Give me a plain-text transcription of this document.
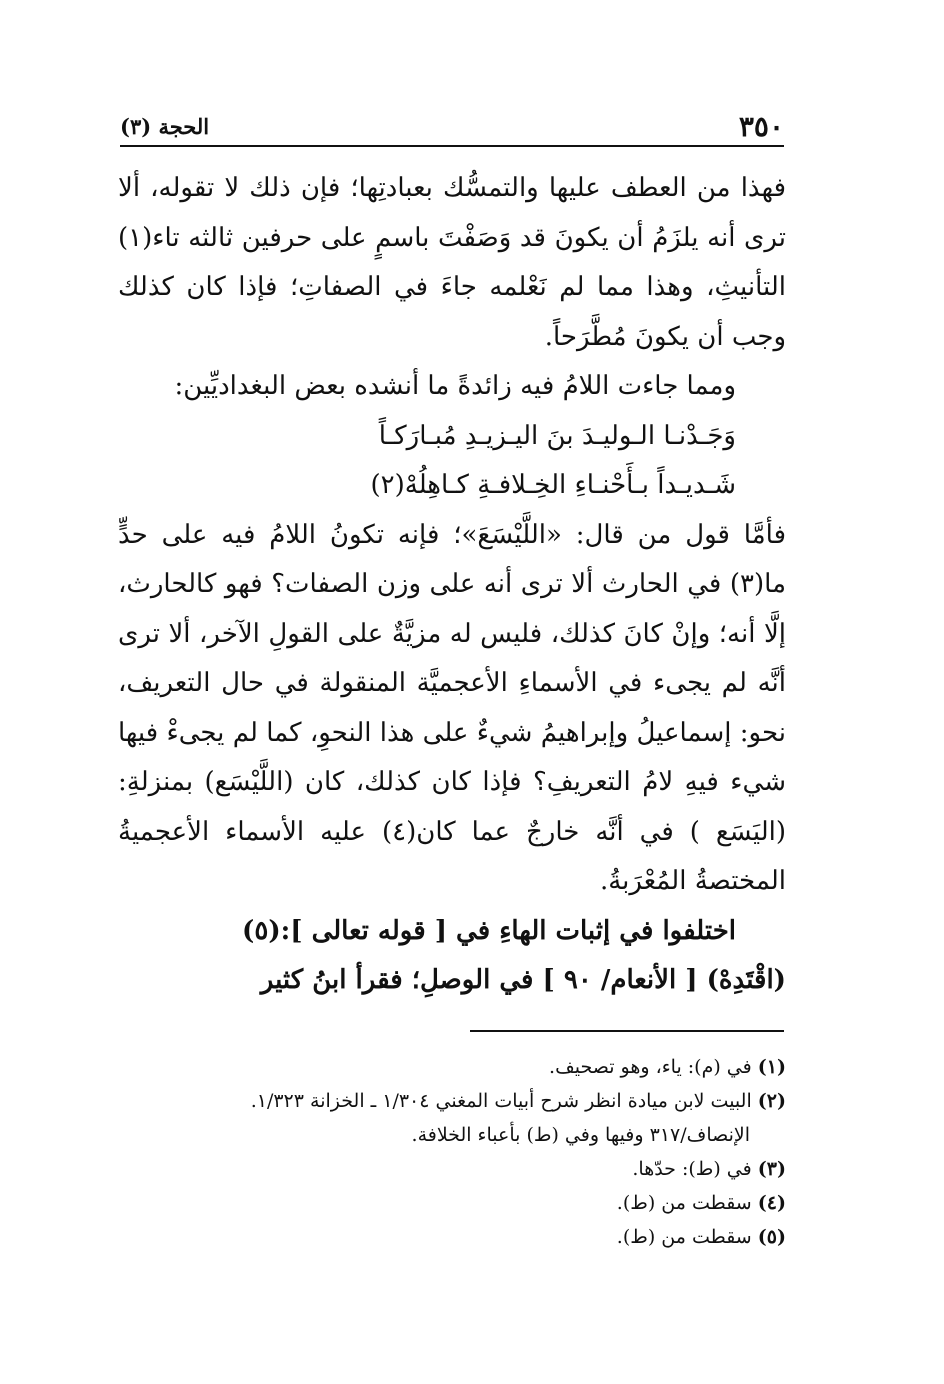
٣٥٠
الحجة (٣)

فهذا من العطف عليها والتمسُّك بعبادتِها؛ فإن ذلك لا تقوله، ألا ترى أنه يلزَمُ أن يكونَ قد وَصَفْتَ باسمٍ على حرفين ثالثه تاء(١) التأنيثِ، وهذا مما لم نَعْلمه جاءَ في الصفاتِ؛ فإذا كان كذلك وجب أن يكونَ مُطَّرَحاً.

ومما جاءت اللامُ فيه زائدةً ما أنشده بعض البغداديِّين:

وَجَـدْنـا الـوليـدَ بنَ اليـزيـدِ مُبـارَكـاً

شَـديـداً بـأَحْنـاءِ الخِـلافـةِ كـاهِلُهْ(٢)

فأمَّا قول من قال: «اللَّيْسَعَ»؛ فإنه تكونُ اللامُ فيه على حدٍّ ما(٣) في الحارث ألا ترى أنه على وزن الصفات؟ فهو كالحارث، إلَّا أنه؛ وإنْ كانَ كذلك، فليس له مزيَّةٌ على القولِ الآخر، ألا ترى أنَّه لم يجىء في الأسماءِ الأعجميَّة المنقولة في حال التعريف، نحو: إسماعيلُ وإبراهيمُ شيءٌ على هذا النحوِ، كما لم يجىءْ فيها شيء فيهِ لامُ التعريفِ؟ فإذا كان كذلك، كان (اللَّيْسَع) بمنزلةِ: (اليَسَع ) في أنَّه خارجٌ عما كان(٤) عليه الأسماء الأعجميةُ المختصةُ المُعْرَبةُ.

اختلفوا في إثبات الهاءِ في [ قوله تعالى ]:(٥)

(اقْتَدِهْ) [ الأنعام/ ٩٠ ] في الوصلِ؛ فقرأ ابنُ كثير

(١) في (م): ياء، وهو تصحيف.

(٢) البيت لابن ميادة انظر شرح أبيات المغني ١/٣٠٤ ـ الخزانة ١/٣٢٣.

الإنصاف/٣١٧ وفيها وفي (ط) بأعباء الخلافة.

(٣) في (ط): حدّها.

(٤) سقطت من (ط).

(٥) سقطت من (ط).
